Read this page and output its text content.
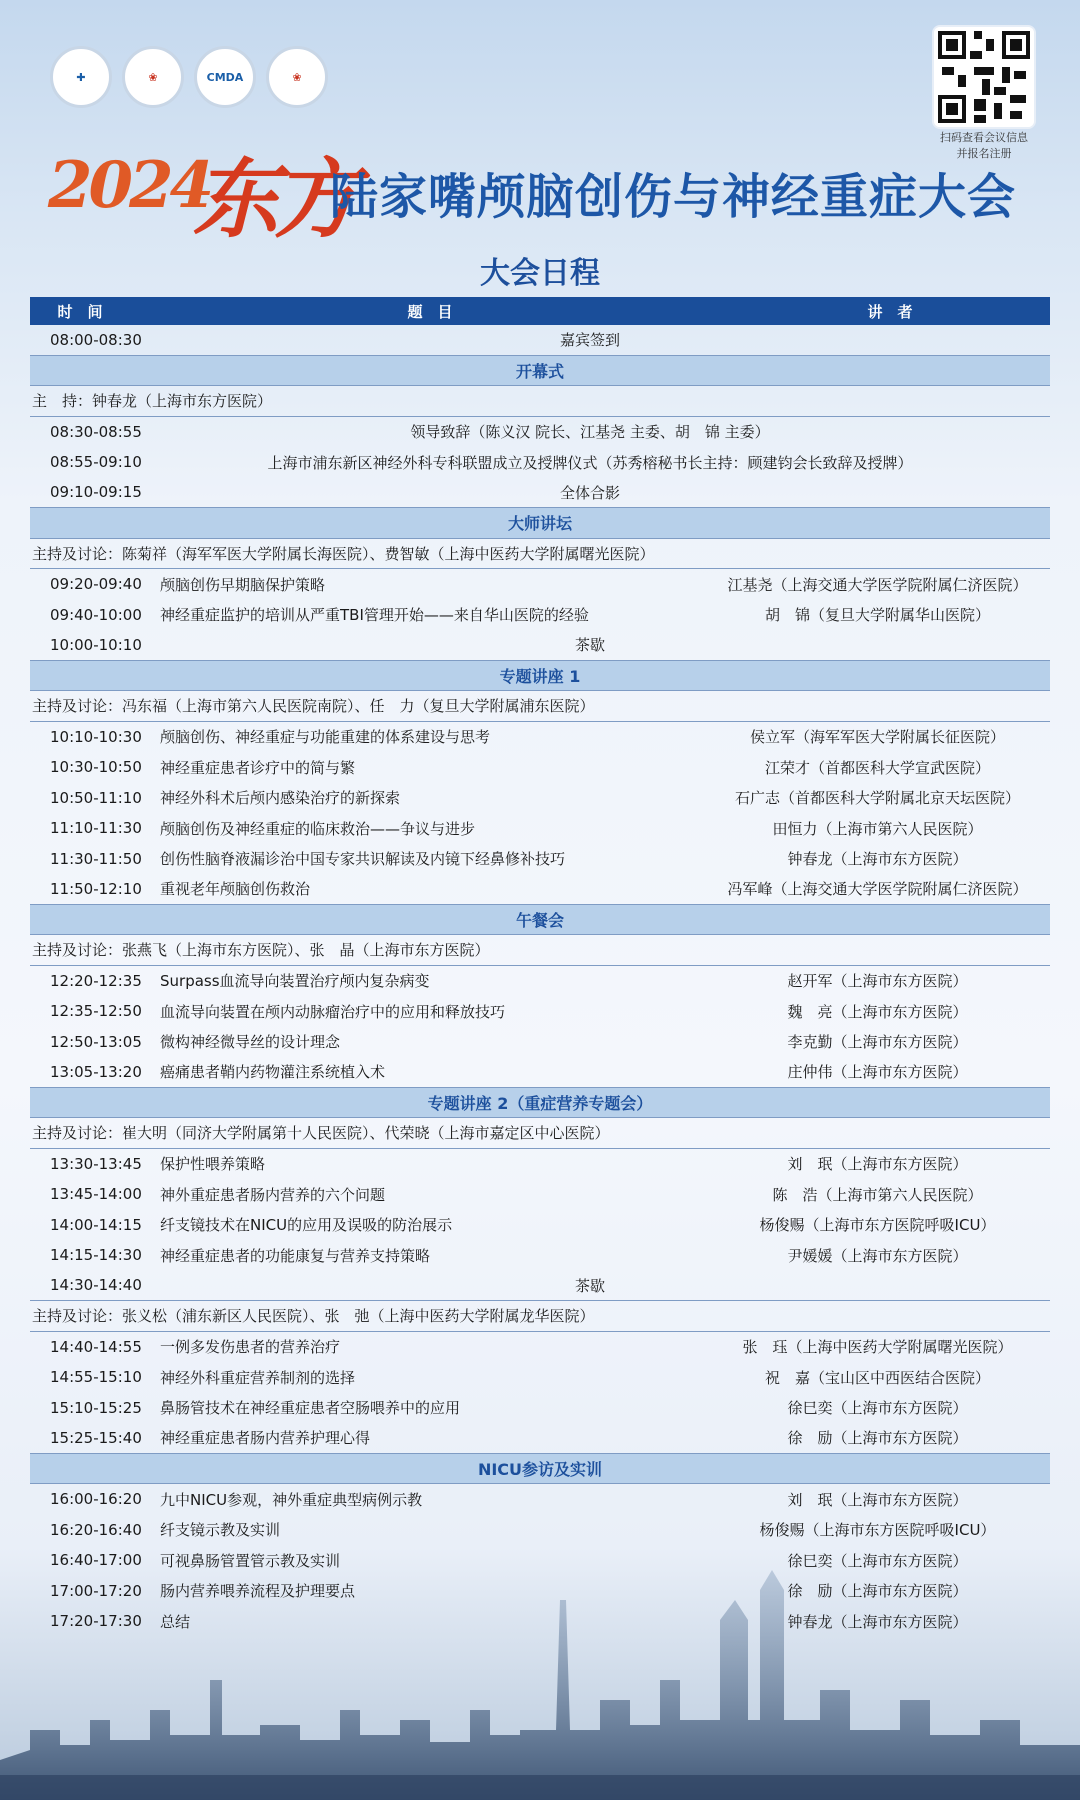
✚	❀	CMDA	❀
扫码查看会议信息
并报名注册
2024
东方
陆家嘴颅脑创伤与神经重症大会
大会日程
时　间	题　目	讲　者
08:00-08:30	嘉宾签到
开幕式
主　持：钟春龙（上海市东方医院）
08:30-08:55	领导致辞（陈义汉 院长、江基尧 主委、胡　锦 主委）
08:55-09:10	上海市浦东新区神经外科专科联盟成立及授牌仪式（苏秀榕秘书长主持：顾建钧会长致辞及授牌）
09:10-09:15	全体合影
大师讲坛
主持及讨论：陈菊祥（海军军医大学附属长海医院）、费智敏（上海中医药大学附属曙光医院）
09:20-09:40	颅脑创伤早期脑保护策略	江基尧（上海交通大学医学院附属仁济医院）
09:40-10:00	神经重症监护的培训从严重TBI管理开始——来自华山医院的经验	胡　锦（复旦大学附属华山医院）
10:00-10:10	茶歇
专题讲座 1
主持及讨论：冯东福（上海市第六人民医院南院）、任　力（复旦大学附属浦东医院）
10:10-10:30	颅脑创伤、神经重症与功能重建的体系建设与思考	侯立军（海军军医大学附属长征医院）
10:30-10:50	神经重症患者诊疗中的简与繁	江荣才（首都医科大学宣武医院）
10:50-11:10	神经外科术后颅内感染治疗的新探索	石广志（首都医科大学附属北京天坛医院）
11:10-11:30	颅脑创伤及神经重症的临床救治——争议与进步	田恒力（上海市第六人民医院）
11:30-11:50	创伤性脑脊液漏诊治中国专家共识解读及内镜下经鼻修补技巧	钟春龙（上海市东方医院）
11:50-12:10	重视老年颅脑创伤救治	冯军峰（上海交通大学医学院附属仁济医院）
午餐会
主持及讨论：张燕飞（上海市东方医院）、张　晶（上海市东方医院）
12:20-12:35	Surpass血流导向装置治疗颅内复杂病变	赵开军（上海市东方医院）
12:35-12:50	血流导向装置在颅内动脉瘤治疗中的应用和释放技巧	魏　亮（上海市东方医院）
12:50-13:05	微构神经微导丝的设计理念	李克勤（上海市东方医院）
13:05-13:20	癌痛患者鞘内药物灌注系统植入术	庄仲伟（上海市东方医院）
专题讲座 2（重症营养专题会）
主持及讨论：崔大明（同济大学附属第十人民医院）、代荣晓（上海市嘉定区中心医院）
13:30-13:45	保护性喂养策略	刘　珉（上海市东方医院）
13:45-14:00	神外重症患者肠内营养的六个问题	陈　浩（上海市第六人民医院）
14:00-14:15	纤支镜技术在NICU的应用及误吸的防治展示	杨俊赐（上海市东方医院呼吸ICU）
14:15-14:30	神经重症患者的功能康复与营养支持策略	尹媛媛（上海市东方医院）
14:30-14:40	茶歇
主持及讨论：张义松（浦东新区人民医院）、张　弛（上海中医药大学附属龙华医院）
14:40-14:55	一例多发伤患者的营养治疗	张　珏（上海中医药大学附属曙光医院）
14:55-15:10	神经外科重症营养制剂的选择	祝　嘉（宝山区中西医结合医院）
15:10-15:25	鼻肠管技术在神经重症患者空肠喂养中的应用	徐巳奕（上海市东方医院）
15:25-15:40	神经重症患者肠内营养护理心得	徐　励（上海市东方医院）
NICU参访及实训
16:00-16:20	九中NICU参观，神外重症典型病例示教	刘　珉（上海市东方医院）
16:20-16:40	纤支镜示教及实训	杨俊赐（上海市东方医院呼吸ICU）
16:40-17:00	可视鼻肠管置管示教及实训	徐巳奕（上海市东方医院）
17:00-17:20	肠内营养喂养流程及护理要点	徐　励（上海市东方医院）
17:20-17:30	总结	钟春龙（上海市东方医院）
